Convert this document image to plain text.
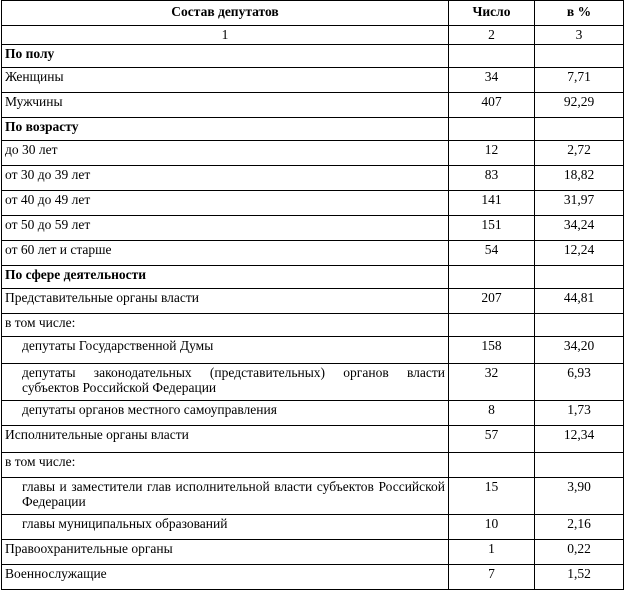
Состав депутатов	Число	в %
1	2	3
По полу		
Женщины	34	7,71
Мужчины	407	92,29
По возрасту		
до 30 лет	12	2,72
от 30 до 39 лет	83	18,82
от 40 до 49 лет	141	31,97
от 50 до 59 лет	151	34,24
от 60 лет и старше	54	12,24
По сфере деятельности		
Представительные органы власти	207	44,81
в том числе:		
депутаты Государственной Думы	158	34,20
депутаты законодательных (представительных) органов власти субъектов Российской Федерации	32	6,93
депутаты органов местного самоуправления	8	1,73
Исполнительные органы власти	57	12,34
в том числе:		
главы и заместители глав исполнительной власти субъектов Российской Федерации	15	3,90
главы муниципальных образований	10	2,16
Правоохранительные органы	1	0,22
Военнослужащие	7	1,52
